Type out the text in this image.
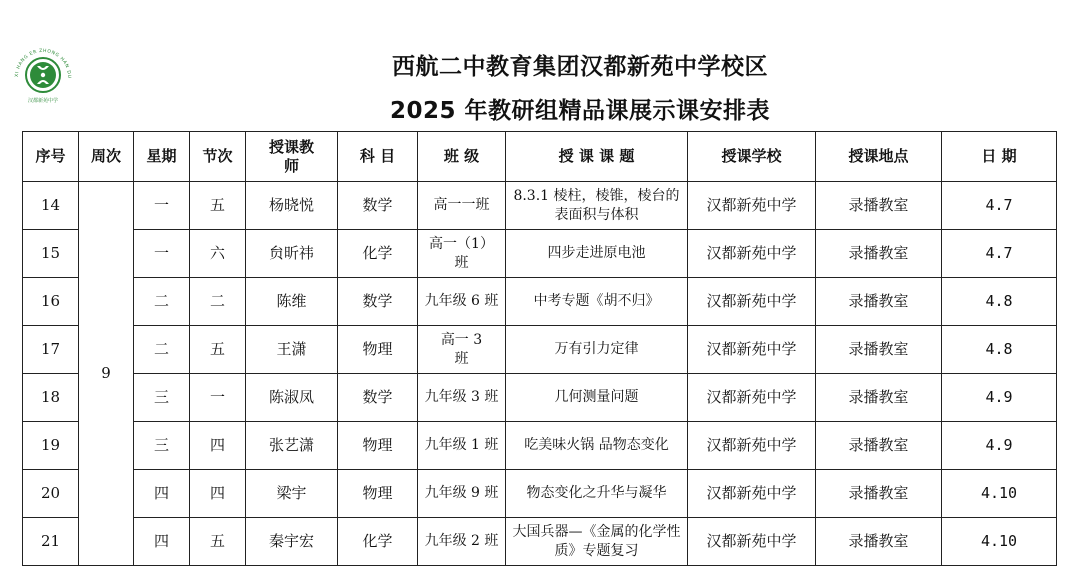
XI HANG ER ZHONG HAN DU
汉都新苑中学
西航二中教育集团汉都新苑中学校区
2025 年教研组精品课展示课安排表
序号	周次	星期	节次	授课教师	科 目	班 级	授 课 课 题	授课学校	授课地点	日 期
14	9	一	五	杨晓悦	数学	高一一班	8.3.1 棱柱，棱锥，棱台的表面积与体积	汉都新苑中学	录播教室	4.7
15		一	六	贠昕祎	化学	高一（1）班	四步走进原电池	汉都新苑中学	录播教室	4.7
16		二	二	陈维	数学	九年级 6 班	中考专题《胡不归》	汉都新苑中学	录播教室	4.8
17		二	五	王潇	物理	高一 3 班	万有引力定律	汉都新苑中学	录播教室	4.8
18		三	一	陈淑凤	数学	九年级 3 班	几何测量问题	汉都新苑中学	录播教室	4.9
19		三	四	张艺潇	物理	九年级 1 班	吃美味火锅 品物态变化	汉都新苑中学	录播教室	4.9
20		四	四	梁宇	物理	九年级 9 班	物态变化之升华与凝华	汉都新苑中学	录播教室	4.10
21		四	五	秦宇宏	化学	九年级 2 班	大国兵器—《金属的化学性质》专题复习	汉都新苑中学	录播教室	4.10
